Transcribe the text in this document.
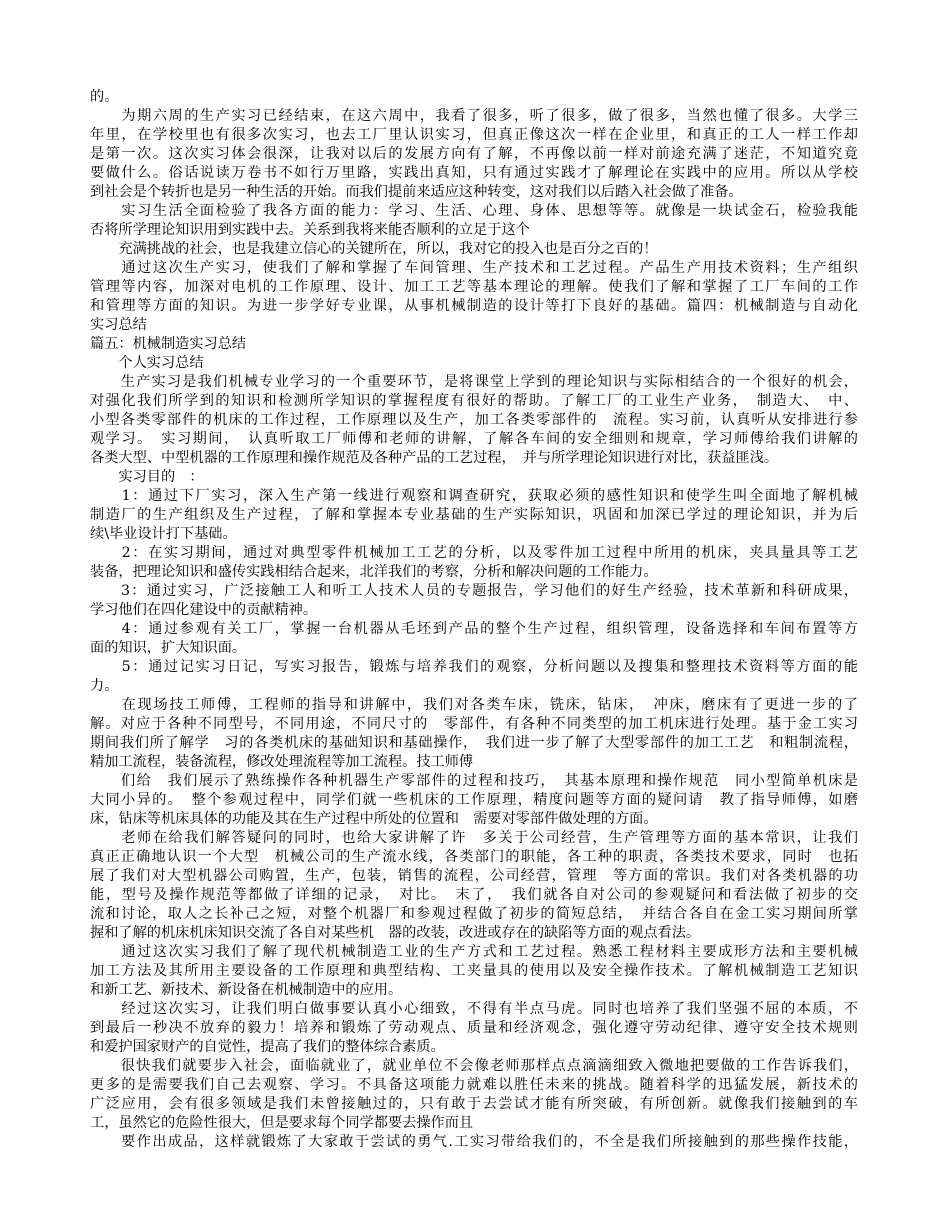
的。
　　为期六周的生产实习已经结束，在这六周中，我看了很多，听了很多，做了很多，当然也懂了很多。大学三
年里，在学校里也有很多次实习，也去工厂里认识实习，但真正像这次一样在企业里，和真正的工人一样工作却
是第一次。这次实习体会很深，让我对以后的发展方向有了解，不再像以前一样对前途充满了迷茫，不知道究竟
要做什么。俗话说读万卷书不如行万里路，实践出真知，只有通过实践才了解理论在实践中的应用。所以从学校
到社会是个转折也是另一种生活的开始。而我们提前来适应这种转变，这对我们以后踏入社会做了准备。
　　实习生活全面检验了我各方面的能力：学习、生活、心理、身体、思想等等。就像是一块试金石，检验我能
否将所学理论知识用到实践中去。关系到我将来能否顺利的立足于这个
　　充满挑战的社会，也是我建立信心的关键所在，所以，我对它的投入也是百分之百的！
　　通过这次生产实习，使我们了解和掌握了车间管理、生产技术和工艺过程。产品生产用技术资料；生产组织
管理等内容，加深对电机的工作原理、设计、加工工艺等基本理论的理解。使我们了解和掌握了工厂车间的工作
和管理等方面的知识。为进一步学好专业课，从事机械制造的设计等打下良好的基础。篇四：机械制造与自动化
实习总结
篇五：机械制造实习总结
　　个人实习总结
　　生产实习是我们机械专业学习的一个重要环节，是将课堂上学到的理论知识与实际相结合的一个很好的机会，
对强化我们所学到的知识和检测所学知识的掌握程度有很好的帮助。了解工厂的工业生产业务，　制造大、　中、
小型各类零部件的机床的工作过程，工作原理以及生产，加工各类零部件的　流程。实习前，认真听从安排进行参
观学习。　实习期间，　认真听取工厂师傅和老师的讲解，了解各车间的安全细则和规章，学习师傅给我们讲解的
各类大型、中型机器的工作原理和操作规范及各种产品的工艺过程，　并与所学理论知识进行对比，获益匪浅。
　　实习目的　：
　　1：通过下厂实习，深入生产第一线进行观察和调查研究，获取必须的感性知识和使学生叫全面地了解机械
制造厂的生产组织及生产过程，了解和掌握本专业基础的生产实际知识，巩固和加深已学过的理论知识，并为后
续\毕业设计打下基础。
　　2：在实习期间，通过对典型零件机械加工工艺的分析，以及零件加工过程中所用的机床，夹具量具等工艺
装备，把理论知识和盛传实践相结合起来，北洋我们的考察，分析和解决问题的工作能力。
　　3：通过实习，广泛接触工人和听工人技术人员的专题报告，学习他们的好生产经验，技术革新和科研成果，
学习他们在四化建设中的贡献精神。
　　4：通过参观有关工厂，掌握一台机器从毛坯到产品的整个生产过程，组织管理，设备选择和车间布置等方
面的知识，扩大知识面。
　　5：通过记实习日记，写实习报告，锻炼与培养我们的观察，分析问题以及搜集和整理技术资料等方面的能
力。
　　在现场技工师傅，工程师的指导和讲解中，我们对各类车床，铣床，钻床，　冲床，磨床有了更进一步的了
解。对应于各种不同型号，不同用途，不同尺寸的　零部件，有各种不同类型的加工机床进行处理。基于金工实习
期间我们所了解学　习的各类机床的基础知识和基础操作，　我们进一步了解了大型零部件的加工工艺　和粗制流程，
精加工流程，装备流程，修改处理流程等加工流程。技工师傅
　　们给　我们展示了熟练操作各种机器生产零部件的过程和技巧，　其基本原理和操作规范　同小型简单机床是
大同小异的。　整个参观过程中，同学们就一些机床的工作原理，精度问题等方面的疑问请　教了指导师傅，如磨
床，钻床等机床具体的功能及其在生产过程中所处的位置和　需要对零部件做处理的方面。
　　老师在给我们解答疑问的同时，也给大家讲解了许　多关于公司经营，生产管理等方面的基本常识，让我们
真正正确地认识一个大型　机械公司的生产流水线，各类部门的职能，各工种的职责，各类技术要求，同时　也拓
展了我们对大型机器公司购置，生产，包装，销售的流程，公司经营，管理　等方面的常识。我们对各类机器的功
能，型号及操作规范等都做了详细的记录，　对比。　末了，　我们就各自对公司的参观疑问和看法做了初步的交
流和讨论，取人之长补己之短，对整个机器厂和参观过程做了初步的简短总结，　并结合各自在金工实习期间所掌
握和了解的机床机床知识交流了各自对某些机　器的改装，改进或存在的缺陷等方面的观点看法。
　　通过这次实习我们了解了现代机械制造工业的生产方式和工艺过程。熟悉工程材料主要成形方法和主要机械
加工方法及其所用主要设备的工作原理和典型结构、工夹量具的使用以及安全操作技术。了解机械制造工艺知识
和新工艺、新技术、新设备在机械制造中的应用。
　　经过这次实习，让我们明白做事要认真小心细致，不得有半点马虎。同时也培养了我们坚强不屈的本质，不
到最后一秒决不放弃的毅力！培养和锻炼了劳动观点、质量和经济观念，强化遵守劳动纪律、遵守安全技术规则
和爱护国家财产的自觉性，提高了我们的整体综合素质。
　　很快我们就要步入社会，面临就业了，就业单位不会像老师那样点点滴滴细致入微地把要做的工作告诉我们，
更多的是需要我们自己去观察、学习。不具备这项能力就难以胜任未来的挑战。随着科学的迅猛发展，新技术的
广泛应用，会有很多领域是我们未曾接触过的，只有敢于去尝试才能有所突破，有所创新。就像我们接触到的车
工，虽然它的危险性很大，但是要求每个同学都要去操作而且
　　要作出成品，这样就锻炼了大家敢于尝试的勇气.工实习带给我们的，不全是我们所接触到的那些操作技能，
